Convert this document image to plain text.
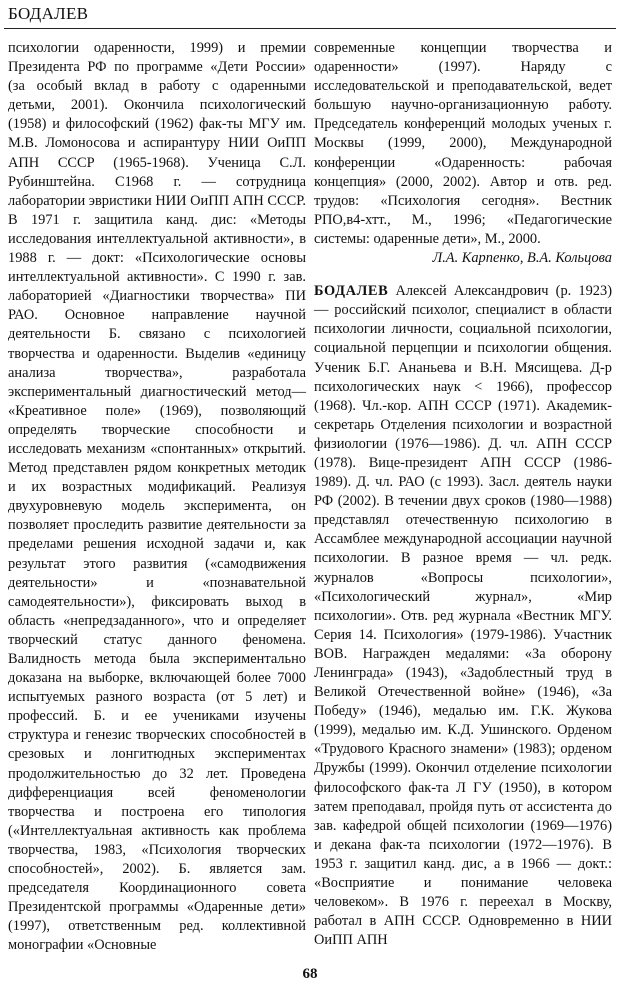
БОДАЛЕВ

психологии одаренности, 1999) и премии Президента РФ по программе «Дети России» (за особый вклад в работу с одаренными детьми, 2001). Окончила психологический (1958) и философский (1962) фак-ты МГУ им. М.В. Ломоносова и аспирантуру НИИ ОиПП АПН СССР (1965-1968). Ученица С.Л. Рубинштейна. С1968 г. — сотрудница лаборатории эвристики НИИ ОиПП АПН СССР. В 1971 г. защитила канд. дис: «Методы исследования интеллектуальной активности», в 1988 г. — докт: «Психологические основы интеллектуальной активности». С 1990 г. зав. лабораторией «Диагностики творчества» ПИ РАО. Основное направление научной деятельности Б. связано с психологией творчества и одаренности. Выделив «единицу анализа творчества», разработала экспериментальный диагностический метод— «Креативное поле» (1969), позволяющий определять творческие способности и исследовать механизм «спонтанных» открытий. Метод представлен рядом конкретных методик и их возрастных модификаций. Реализуя двухуровневую модель эксперимента, он позволяет проследить развитие деятельности за пределами решения исходной задачи и, как результат этого развития («самодвижения деятельности» и «познавательной самодеятельности»), фиксировать выход в область «непредзаданного», что и определяет творческий статус данного феномена. Валидность метода была экспериментально доказана на выборке, включающей более 7000 испытуемых разного возраста (от 5 лет) и профессий. Б. и ее учениками изучены структура и генезис творческих способностей в срезовых и лонгитюдных экспериментах продолжительностью до 32 лет. Проведена дифференциация всей феноменологии творчества и построена его типология («Интеллектуальная активность как проблема творчества, 1983, «Психология творческих способностей», 2002). Б. является зам. председателя Координационного совета Президентской программы «Одаренные дети» (1997), ответственным ред. коллективной монографии «Основные

современные концепции творчества и одаренности» (1997). Наряду с исследовательской и преподавательской, ведет большую научно-организационную работу. Председатель конференций молодых ученых г. Москвы (1999, 2000), Международной конференции «Одаренность: рабочая концепция» (2000, 2002). Автор и отв. ред. трудов: «Психология сегодня». Вестник РПО,в4-хтт., М., 1996; «Педагогические системы: одаренные дети», М., 2000.

Л.А. Карпенко, В.А. Кольцова

БОДАЛЕВ Алексей Александрович (р. 1923) — российский психолог, специалист в области психологии личности, социальной психологии, социальной перцепции и психологии общения. Ученик Б.Г. Ананьева и В.Н. Мясищева. Д-р психологических наук < 1966), профессор (1968). Чл.-кор. АПН СССР (1971). Академик-секретарь Отделения психологии и возрастной физиологии (1976—1986). Д. чл. АПН СССР (1978). Вице-президент АПН СССР (1986-1989). Д. чл. РАО (с 1993). Засл. деятель науки РФ (2002). В течении двух сроков (1980—1988) представлял отечественную психологию в Ассамблее международной ассоциации научной психологии. В разное время — чл. редк. журналов «Вопросы психологии», «Психологический журнал», «Мир психологии». Отв. ред журнала «Вестник МГУ. Серия 14. Психология» (1979-1986). Участник ВОВ. Награжден медалями: «За оборону Ленинграда» (1943), «Задоблестный труд в Великой Отечественной войне» (1946), «За Победу» (1946), медалью им. Г.К. Жукова (1999), медалью им. К.Д. Ушинского. Орденом «Трудового Красного знамени» (1983); орденом Дружбы (1999). Окончил отделение психологии философского фак-та Л ГУ (1950), в котором затем преподавал, пройдя путь от ассистента до зав. кафедрой общей психологии (1969—1976) и декана фак-та психологии (1972—1976). В 1953 г. защитил канд. дис, а в 1966 — докт.: «Восприятие и понимание человека человеком». В 1976 г. переехал в Москву, работал в АПН СССР. Одновременно в НИИ ОиПП АПН

68
